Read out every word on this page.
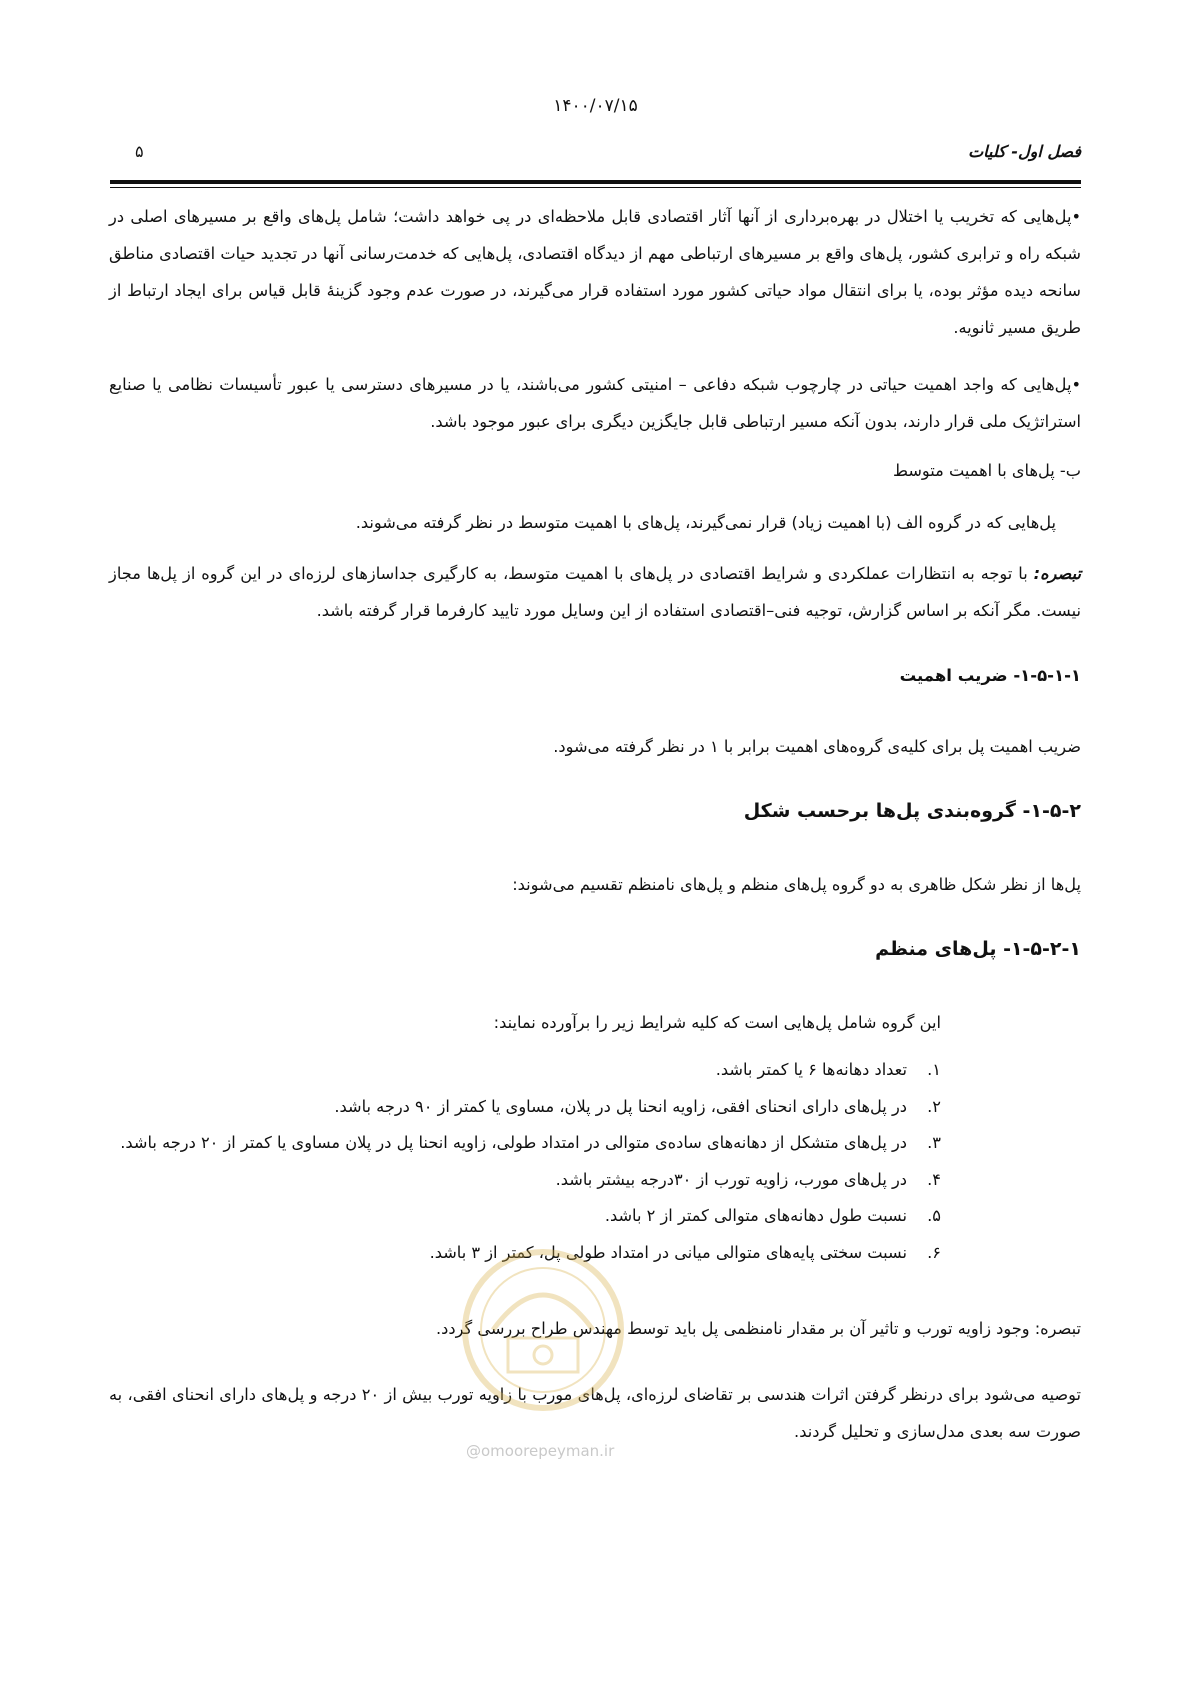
۱۴۰۰/۰۷/۱۵
فصل اول- کلیات
۵

•پل‌هایی که تخریب یا اختلال در بهره‌برداری از آنها آثار اقتصادی قابل ملاحظه‌ای در پی خواهد داشت؛ شامل پل‌های واقع بر مسیرهای اصلی در شبکه راه و ترابری کشور، پل‌های واقع بر مسیرهای ارتباطی مهم از دیدگاه اقتصادی، پل‌هایی که خدمت‌رسانی آنها در تجدید حیات اقتصادی مناطق سانحه دیده مؤثر بوده، یا برای انتقال مواد حیاتی کشور مورد استفاده قرار می‌گیرند، در صورت عدم وجود گزینۀ قابل قیاس برای ایجاد ارتباط از طریق مسیر ثانویه.

•پل‌هایی که واجد اهمیت حیاتی در چارچوب شبکه دفاعی – امنیتی کشور می‌باشند، یا در مسیرهای دسترسی یا عبور تأسیسات نظامی یا صنایع استراتژیک ملی قرار دارند، بدون آنکه مسیر ارتباطی قابل جایگزین دیگری برای عبور موجود باشد.

ب- پل‌های با اهمیت متوسط

پل‌هایی که در گروه الف (با اهمیت زیاد) قرار نمی‌گیرند، پل‌های با اهمیت متوسط در نظر گرفته می‌شوند.

تبصره: با توجه به انتظارات عملکردی و شرایط اقتصادی در پل‌های با اهمیت متوسط، به کارگیری جداسازهای لرزه‌ای در این گروه از پل‌ها مجاز نیست. مگر آنکه بر اساس گزارش، توجیه فنی–اقتصادی استفاده از این وسایل مورد تایید کارفرما قرار گرفته باشد.

۱-۵-۱-۱- ضریب اهمیت

ضریب اهمیت پل برای کلیه‌ی گروه‌های اهمیت برابر با ۱ در نظر گرفته می‌شود.

۱-۵-۲- گروه‌بندی پل‌ها برحسب شکل

پل‌ها از نظر شکل ظاهری به دو گروه پل‌های منظم و پل‌های نامنظم تقسیم می‌شوند:

۱-۵-۲-۱- پل‌های منظم

این گروه شامل پل‌هایی است که کلیه شرایط زیر را برآورده نمایند:

۱.تعداد دهانه‌ها ۶ یا کمتر باشد.
۲.در پل‌های دارای انحنای افقی، زاویه انحنا پل در پلان، مساوی یا کمتر از ۹۰ درجه باشد.
۳.در پل‌های متشکل از دهانه‌های ساده‌ی متوالی در امتداد طولی، زاویه انحنا پل در پلان مساوی یا کمتر از ۲۰ درجه باشد.
۴.در پل‌های مورب، زاویه تورب از ۳۰درجه بیشتر باشد.
۵.نسبت طول دهانه‌های متوالی کمتر از ۲ باشد.
۶.نسبت سختی پایه‌های متوالی میانی در امتداد طولی پل، کمتر از ۳ باشد.

تبصره: وجود زاویه تورب و تاثیر آن بر مقدار نامنظمی پل باید توسط مهندس طراح بررسی گردد.

توصیه می‌شود برای درنظر گرفتن اثرات هندسی بر تقاضای لرزه‌ای، پل‌های مورب با زاویه تورب بیش از ۲۰ درجه و پل‌های دارای انحنای افقی، به صورت سه بعدی مدل‌سازی و تحلیل گردند.

@omoorepeyman.ir
